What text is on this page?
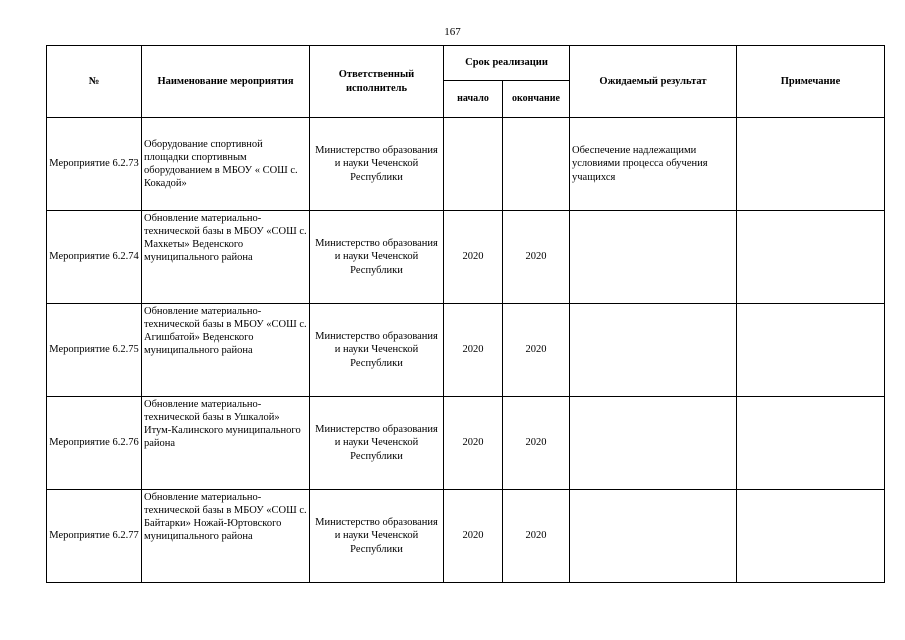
167
№	Наименование мероприятия	Ответственный исполнитель	Срок реализации		Ожидаемый результат	Примечание
			начало	окончание		
Мероприятие 6.2.73	Оборудование спортивной площадки спортивным оборудованием в МБОУ « СОШ с. Кокадой»	Министерство образования и науки Чеченской Республики			Обеспечение надлежащими условиями процесса обучения учащихся	
Мероприятие 6.2.74	Обновление материально-технической базы в МБОУ «СОШ с. Махкеты» Веденского муниципального района	Министерство образования и науки Чеченской Республики	2020	2020		
Мероприятие 6.2.75	Обновление материально-технической базы в МБОУ «СОШ с. Агишбатой» Веденского муниципального района	Министерство образования и науки Чеченской Республики	2020	2020		
Мероприятие 6.2.76	Обновление материально-технической базы в Ушкалой» Итум-Калинского муниципального района	Министерство образования и науки Чеченской Республики	2020	2020		
Мероприятие 6.2.77	Обновление материально-технической базы в МБОУ «СОШ с. Байтарки» Ножай-Юртовского муниципального района	Министерство образования и науки Чеченской Республики	2020	2020		
